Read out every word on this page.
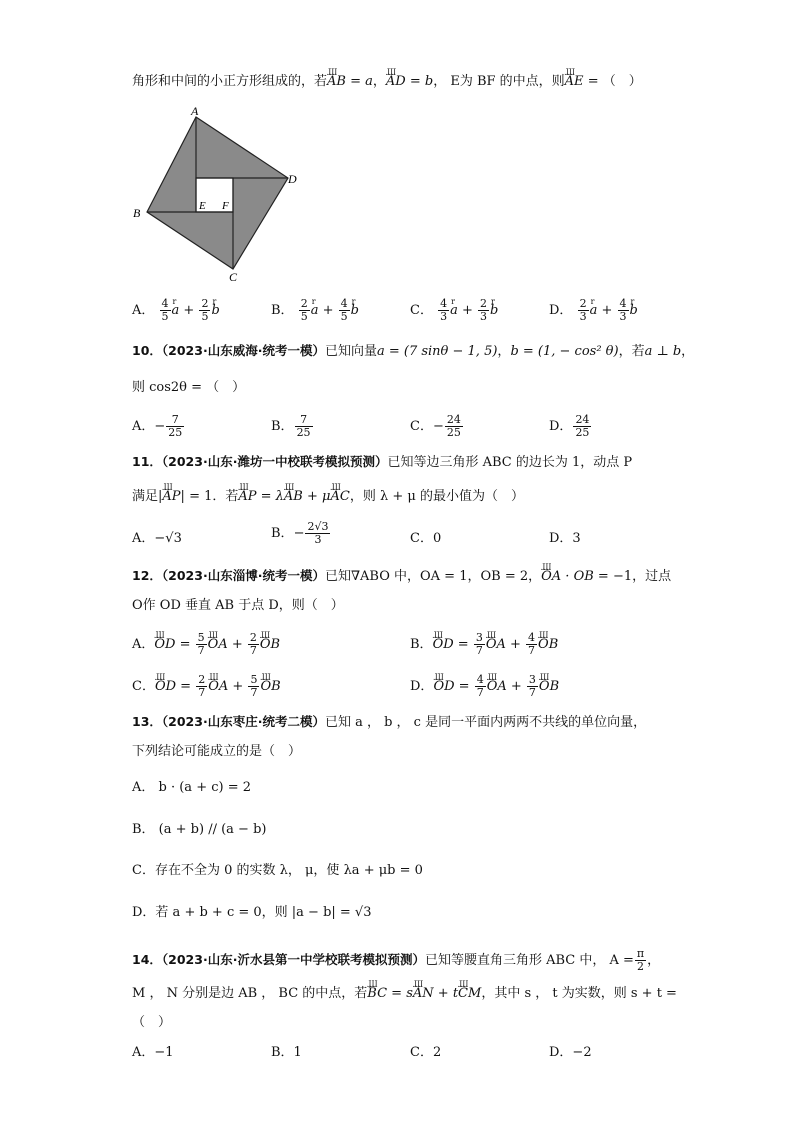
角形和中间的小正方形组成的，若ɺɺɺ AB = a，ɺɺɺ AD = b， E为 BF 的中点，则ɺɺɺ AE = （　）
A
D
B
C
E F
A． $\frac{4}{5}$ r $a + \frac{2}{5}$ r b	B． $\frac{2}{5}$ r $a + \frac{4}{5}$ r b	C． $\frac{4}{3}$ r $a + \frac{2}{3}$ r b	D． $\frac{2}{3}$ r $a + \frac{4}{3}$ r b
10．（2023·山东威海·统考一模）已知向量a = (7 sinθ − 1, 5)，b = (1, − cos² θ)，若a ⊥ b，
则 cos2θ = （　）
A．− $\frac{7}{25}$	B． $\frac{7}{25}$	C．− $\frac{24}{25}$	D． $\frac{24}{25}$
11．（2023·山东·潍坊一中校联考模拟预测）已知等边三角形 ABC 的边长为 1，动点 P
满足|ɺɺɺ AP| = 1．若ɺɺɺ AP = λɺɺɺ AB + μɺɺɺ AC，则 λ + μ 的最小值为（　）
A．−√3	B．− $\frac{2√3}{3}$	C．0	D．3
12．（2023·山东淄博·统考一模）已知∇ABO 中，OA = 1，OB = 2，ɺɺɺ OA · OB = −1，过点
O作 OD 垂直 AB 于点 D，则（　）
A．ɺɺɺ OD = $\frac{5}{7}$ ɺɺɺ OA + $\frac{2}{7}$ ɺɺɺ OB	B．ɺɺɺ OD = $\frac{3}{7}$ ɺɺɺ OA + $\frac{4}{7}$ ɺɺɺ OB
C．ɺɺɺ OD = $\frac{2}{7}$ ɺɺɺ OA + $\frac{5}{7}$ ɺɺɺ OB	D．ɺɺɺ OD = $\frac{4}{7}$ ɺɺɺ OA + $\frac{3}{7}$ ɺɺɺ OB
13．（2023·山东枣庄·统考二模）已知 a ， b ， c 是同一平面内两两不共线的单位向量，
下列结论可能成立的是（　）
A． b · (a + c) = 2
B． (a + b) // (a − b)
C．存在不全为 0 的实数 λ， μ，使 λa + μb = 0
D．若 a + b + c = 0，则 |a − b| = √3
14．（2023·山东·沂水县第一中学校联考模拟预测）已知等腰直角三角形 ABC 中， $A = \frac{\pi}{2}$ ，
M ， N 分别是边 AB ， BC 的中点，若ɺɺɺ BC = sɺɺɺ AN + tɺɺɺ CM，其中 s ， t 为实数，则 s + t =
（　）
A．−1	B．1	C．2	D．−2
